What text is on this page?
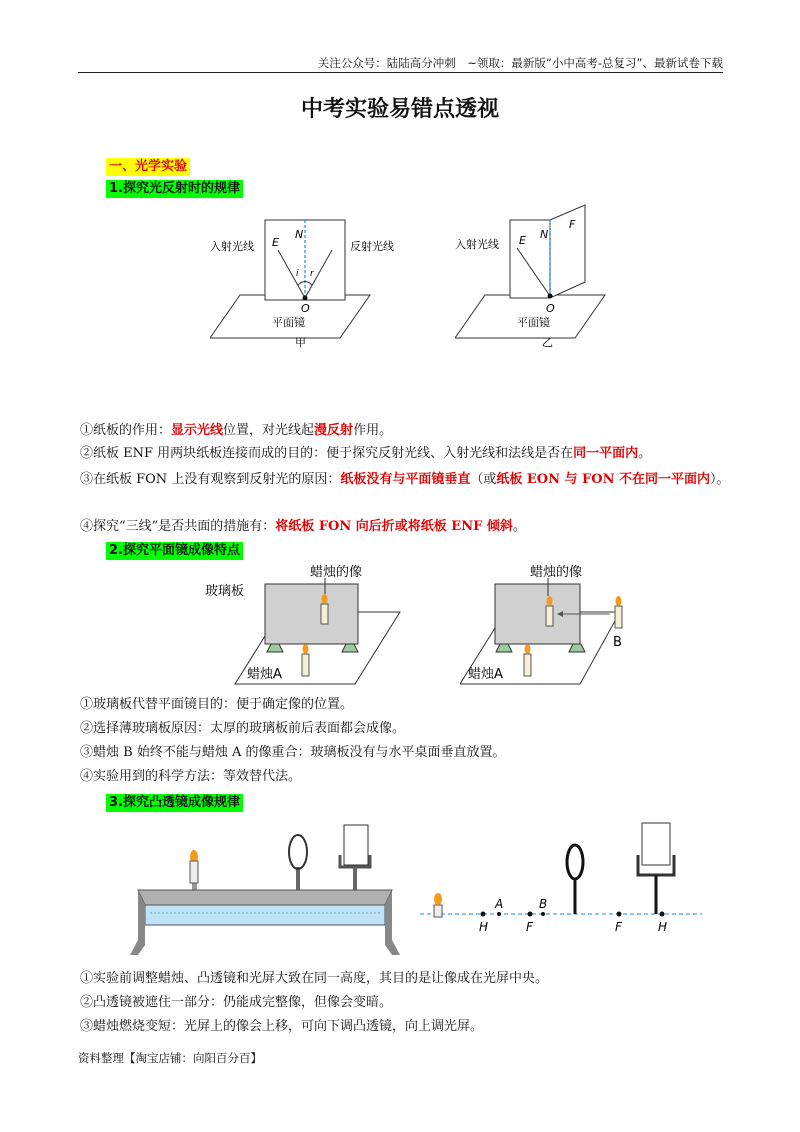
关注公众号：陆陆高分冲刺　~领取：最新版“小中高考-总复习”、最新试卷下载
中考实验易错点透视
一、光学实验
1.探究光反射时的规律
E
N
i r
O
入射光线	反射光线
平面镜
甲
E N
F
O
入射光线
平面镜
乙
①纸板的作用：显示光线位置，对光线起漫反射作用。
②纸板 ENF 用两块纸板连接而成的目的：便于探究反射光线、入射光线和法线是否在同一平面内。
③在纸板 FON 上没有观察到反射光的原因：纸板没有与平面镜垂直（或纸板 EON 与 FON 不在同一平面内）。
④探究“三线”是否共面的措施有：将纸板 FON 向后折或将纸板 ENF 倾斜。
2.探究平面镜成像特点
玻璃板
蜡烛的像
蜡烛A
蜡烛的像
蜡烛A
B
①玻璃板代替平面镜目的：便于确定像的位置。
②选择薄玻璃板原因：太厚的玻璃板前后表面都会成像。
③蜡烛 B 始终不能与蜡烛 A 的像重合：玻璃板没有与水平桌面垂直放置。
④实验用到的科学方法：等效替代法。
3.探究凸透镜成像规律
H
A
F
B
F	H
①实验前调整蜡烛、凸透镜和光屏大致在同一高度，其目的是让像成在光屏中央。
②凸透镜被遮住一部分：仍能成完整像，但像会变暗。
③蜡烛燃烧变短：光屏上的像会上移，可向下调凸透镜，向上调光屏。
资料整理【淘宝店铺：向阳百分百】
